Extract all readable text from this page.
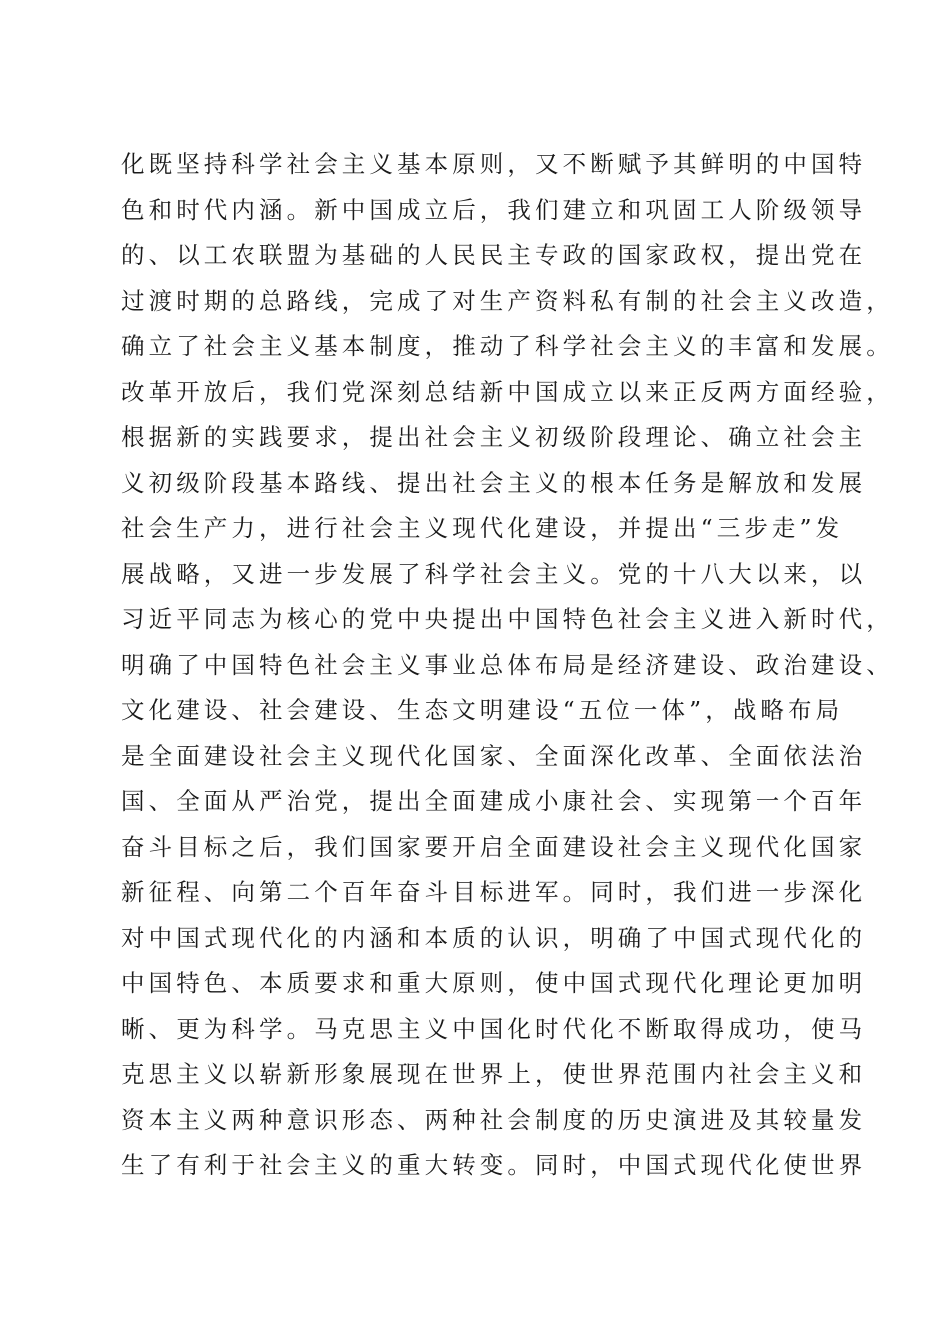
化既坚持科学社会主义基本原则，又不断赋予其鲜明的中国特
色和时代内涵。新中国成立后，我们建立和巩固工人阶级领导
的、以工农联盟为基础的人民民主专政的国家政权，提出党在
过渡时期的总路线，完成了对生产资料私有制的社会主义改造，
确立了社会主义基本制度，推动了科学社会主义的丰富和发展。
改革开放后，我们党深刻总结新中国成立以来正反两方面经验，
根据新的实践要求，提出社会主义初级阶段理论、确立社会主
义初级阶段基本路线、提出社会主义的根本任务是解放和发展
社会生产力，进行社会主义现代化建设，并提出“三步走”发
展战略，又进一步发展了科学社会主义。党的十八大以来，以
习近平同志为核心的党中央提出中国特色社会主义进入新时代，
明确了中国特色社会主义事业总体布局是经济建设、政治建设、
文化建设、社会建设、生态文明建设“五位一体”，战略布局
是全面建设社会主义现代化国家、全面深化改革、全面依法治
国、全面从严治党，提出全面建成小康社会、实现第一个百年
奋斗目标之后，我们国家要开启全面建设社会主义现代化国家
新征程、向第二个百年奋斗目标进军。同时，我们进一步深化
对中国式现代化的内涵和本质的认识，明确了中国式现代化的
中国特色、本质要求和重大原则，使中国式现代化理论更加明
晰、更为科学。马克思主义中国化时代化不断取得成功，使马
克思主义以崭新形象展现在世界上，使世界范围内社会主义和
资本主义两种意识形态、两种社会制度的历史演进及其较量发
生了有利于社会主义的重大转变。同时，中国式现代化使世界
